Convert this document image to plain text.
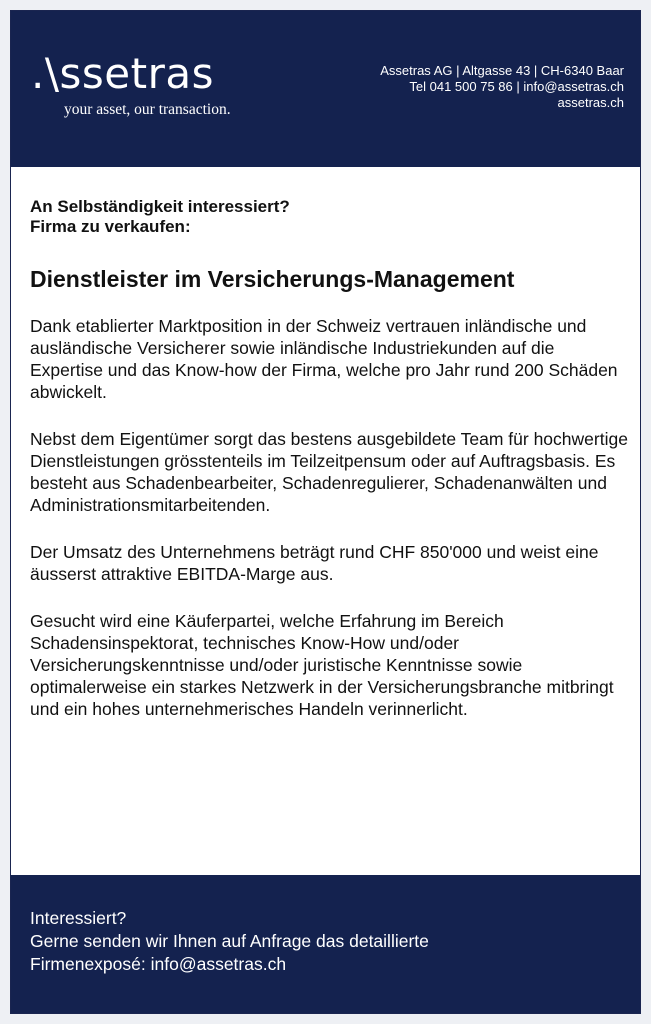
.\ssetras
your asset, our transaction.
Assetras AG | Altgasse 43 | CH-6340 Baar
Tel 041 500 75 86 | info@assetras.ch
assetras.ch

An Selbständigkeit interessiert?
Firma zu verkaufen:

Dienstleister im Versicherungs-Management

Dank etablierter Marktposition in der Schweiz vertrauen inländische und ausländische Versicherer sowie inländische Industriekunden auf die Expertise und das Know-how der Firma, welche pro Jahr rund 200 Schäden abwickelt.

Nebst dem Eigentümer sorgt das bestens ausgebildete Team für hochwertige Dienstleistungen grösstenteils im Teilzeitpensum oder auf Auftragsbasis. Es besteht aus Schadenbearbeiter, Schadenregulierer, Schadenanwälten und Administrationsmitarbeitenden.

Der Umsatz des Unternehmens beträgt rund CHF 850'000 und weist eine äusserst attraktive EBITDA-Marge aus.

Gesucht wird eine Käuferpartei, welche Erfahrung im Bereich Schadensinspektorat, technisches Know-How und/oder Versicherungskenntnisse und/oder juristische Kenntnisse sowie optimalerweise ein starkes Netzwerk in der Versicherungsbranche mitbringt und ein hohes unternehmerisches Handeln verinnerlicht.

Interessiert?
Gerne senden wir Ihnen auf Anfrage das detaillierte
Firmenexposé: info@assetras.ch
